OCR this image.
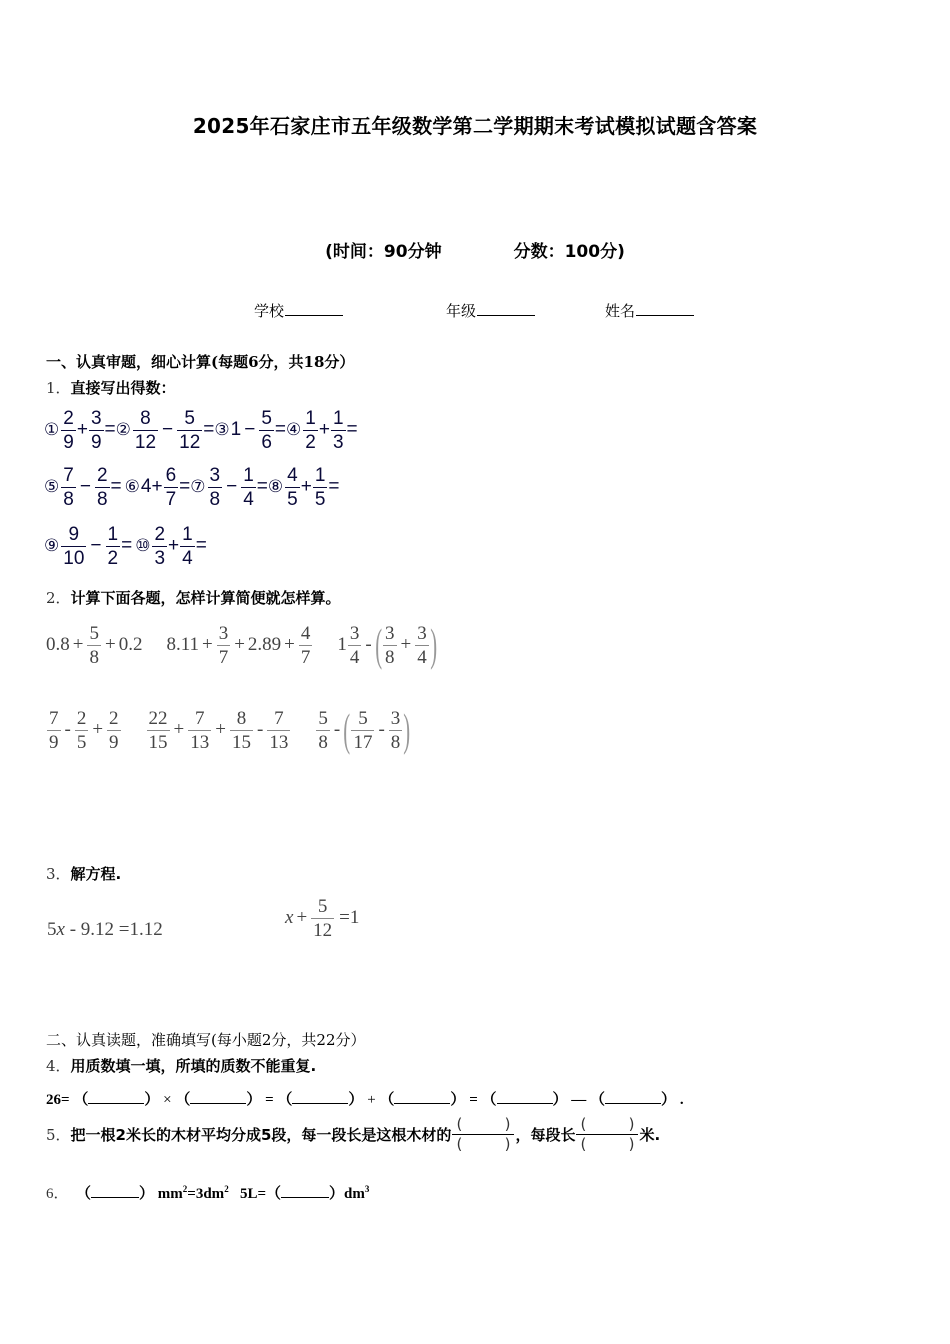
2025年石家庄市五年级数学第二学期期末考试模拟试题含答案
(时间：90分钟	分数：100分)
学校	年级	姓名
一、认真审题，细心计算(每题6分，共18分）
1．直接写出得数：
① $\frac{2}{9} + \frac{3}{9}$ = ② $\frac{8}{12} - \frac{5}{12}$ = ③ $1 - \frac{5}{6}$ = ④ $\frac{1}{2} + \frac{1}{3}$ =
⑤ $\frac{7}{8} - \frac{2}{8}$ = ⑥ $4 + \frac{6}{7}$ = ⑦ $\frac{3}{8} - \frac{1}{4}$ = ⑧ $\frac{4}{5} + \frac{1}{5}$ =
⑨ $\frac{9}{10} - \frac{1}{2}$ = ⑩ $\frac{2}{3} + \frac{1}{4}$ =
2．计算下面各题，怎样计算简便就怎样算。
$0.8 + \frac{5}{8} + 0.2$ $8.11 + \frac{3}{7} + 2.89 + \frac{4}{7} 1 \frac{3}{4}$ - ( $\frac{3}{8} + \frac{3}{4}$ )
$\frac{7}{9} - \frac{2}{5} + \frac{2}{9} \frac{22}{15} + \frac{7}{13} + \frac{8}{15} - \frac{7}{13} \frac{5}{8}$ - ( $\frac{5}{17} - \frac{3}{8}$ )
3．解方程.
5 x - 9.12 =1.12
$x + \frac{5}{12} =1$
二、认真读题，准确填写(每小题2分，共22分）
4．用质数填一填，所填的质数不能重复.
26= （	） × （	） = （	） + （	） = （	） — （	） .
5． 把一根2米长的木材平均分成5段，每一段长是这根木材的 (	)
(	) ，每段长 (	)
(	) 米.
6．  （	） $mm^2=3dm^2$ 5L=（	）$dm^3$
